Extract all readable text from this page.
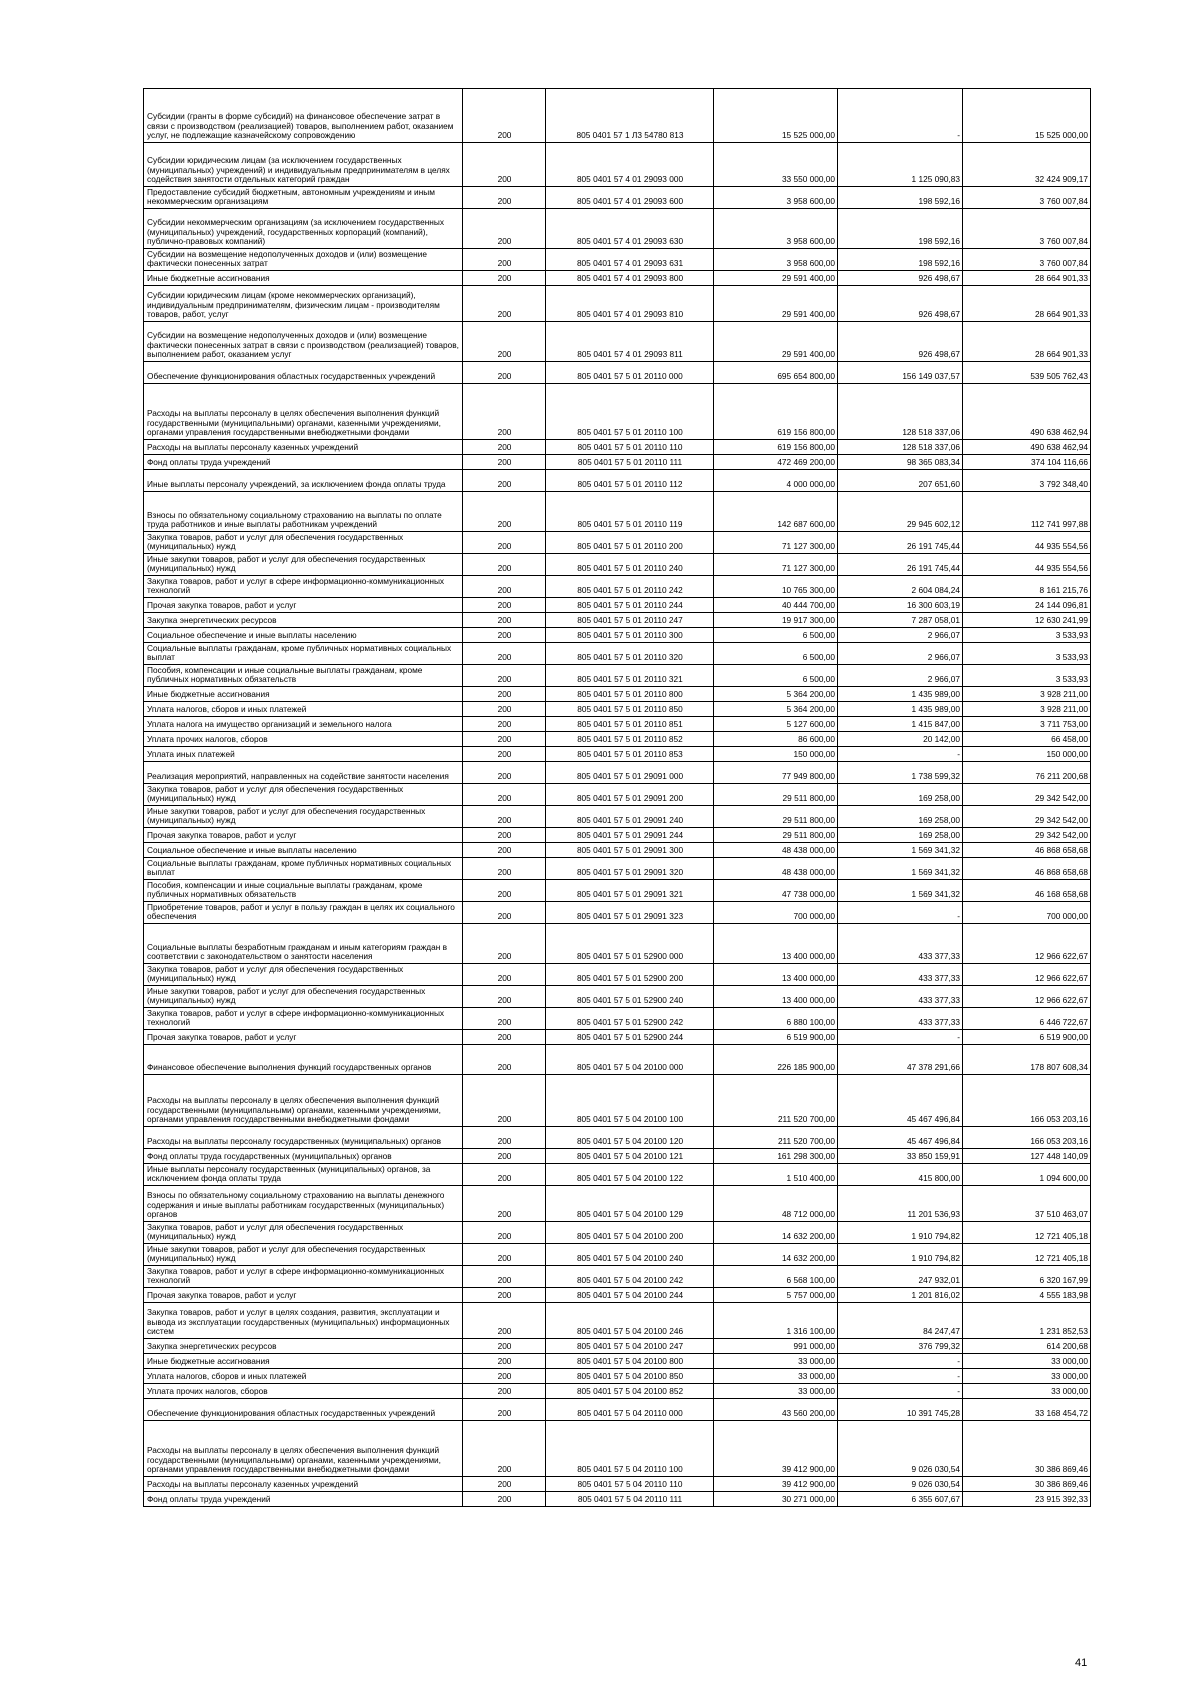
Субсидии (гранты в форме субсидий) на финансовое обеспечение затрат в связи с производством (реализацией) товаров, выполнением работ, оказанием услуг, не подлежащие казначейскому сопровождению	200	805 0401 57 1 Л3 54780 813	15 525 000,00	-	15 525 000,00
Субсидии юридическим лицам (за исключением государственных (муниципальных) учреждений) и индивидуальным предпринимателям в целях содействия занятости отдельных категорий граждан	200	805 0401 57 4 01 29093 000	33 550 000,00	1 125 090,83	32 424 909,17
Предоставление субсидий бюджетным, автономным учреждениям и иным некоммерческим организациям	200	805 0401 57 4 01 29093 600	3 958 600,00	198 592,16	3 760 007,84
Субсидии некоммерческим организациям (за исключением государственных (муниципальных) учреждений, государственных корпораций (компаний), публично-правовых компаний)	200	805 0401 57 4 01 29093 630	3 958 600,00	198 592,16	3 760 007,84
Субсидии на возмещение недополученных доходов и (или) возмещение фактически понесенных затрат	200	805 0401 57 4 01 29093 631	3 958 600,00	198 592,16	3 760 007,84
Иные бюджетные ассигнования	200	805 0401 57 4 01 29093 800	29 591 400,00	926 498,67	28 664 901,33
Субсидии юридическим лицам (кроме некоммерческих организаций), индивидуальным предпринимателям, физическим лицам - производителям товаров, работ, услуг	200	805 0401 57 4 01 29093 810	29 591 400,00	926 498,67	28 664 901,33
Субсидии на возмещение недополученных доходов и (или) возмещение фактически понесенных затрат в связи с производством (реализацией) товаров, выполнением работ, оказанием услуг	200	805 0401 57 4 01 29093 811	29 591 400,00	926 498,67	28 664 901,33
Обеспечение функционирования областных государственных учреждений	200	805 0401 57 5 01 20110 000	695 654 800,00	156 149 037,57	539 505 762,43
Расходы на выплаты персоналу в целях обеспечения выполнения функций государственными (муниципальными) органами, казенными учреждениями, органами управления государственными внебюджетными фондами	200	805 0401 57 5 01 20110 100	619 156 800,00	128 518 337,06	490 638 462,94
Расходы на выплаты персоналу казенных учреждений	200	805 0401 57 5 01 20110 110	619 156 800,00	128 518 337,06	490 638 462,94
Фонд оплаты труда учреждений	200	805 0401 57 5 01 20110 111	472 469 200,00	98 365 083,34	374 104 116,66
Иные выплаты персоналу учреждений, за исключением фонда оплаты труда	200	805 0401 57 5 01 20110 112	4 000 000,00	207 651,60	3 792 348,40
Взносы по обязательному социальному страхованию на выплаты по оплате труда работников и иные выплаты работникам учреждений	200	805 0401 57 5 01 20110 119	142 687 600,00	29 945 602,12	112 741 997,88
Закупка товаров, работ и услуг для обеспечения государственных (муниципальных) нужд	200	805 0401 57 5 01 20110 200	71 127 300,00	26 191 745,44	44 935 554,56
Иные закупки товаров, работ и услуг для обеспечения государственных (муниципальных) нужд	200	805 0401 57 5 01 20110 240	71 127 300,00	26 191 745,44	44 935 554,56
Закупка товаров, работ и услуг в сфере информационно-коммуникационных технологий	200	805 0401 57 5 01 20110 242	10 765 300,00	2 604 084,24	8 161 215,76
Прочая закупка товаров, работ и услуг	200	805 0401 57 5 01 20110 244	40 444 700,00	16 300 603,19	24 144 096,81
Закупка энергетических ресурсов	200	805 0401 57 5 01 20110 247	19 917 300,00	7 287 058,01	12 630 241,99
Социальное обеспечение и иные выплаты населению	200	805 0401 57 5 01 20110 300	6 500,00	2 966,07	3 533,93
Социальные выплаты гражданам, кроме публичных нормативных социальных выплат	200	805 0401 57 5 01 20110 320	6 500,00	2 966,07	3 533,93
Пособия, компенсации и иные социальные выплаты гражданам, кроме публичных нормативных обязательств	200	805 0401 57 5 01 20110 321	6 500,00	2 966,07	3 533,93
Иные бюджетные ассигнования	200	805 0401 57 5 01 20110 800	5 364 200,00	1 435 989,00	3 928 211,00
Уплата налогов, сборов и иных платежей	200	805 0401 57 5 01 20110 850	5 364 200,00	1 435 989,00	3 928 211,00
Уплата налога на имущество организаций и земельного налога	200	805 0401 57 5 01 20110 851	5 127 600,00	1 415 847,00	3 711 753,00
Уплата прочих налогов, сборов	200	805 0401 57 5 01 20110 852	86 600,00	20 142,00	66 458,00
Уплата иных платежей	200	805 0401 57 5 01 20110 853	150 000,00	-	150 000,00
Реализация мероприятий, направленных на содействие занятости населения	200	805 0401 57 5 01 29091 000	77 949 800,00	1 738 599,32	76 211 200,68
Закупка товаров, работ и услуг для обеспечения государственных (муниципальных) нужд	200	805 0401 57 5 01 29091 200	29 511 800,00	169 258,00	29 342 542,00
Иные закупки товаров, работ и услуг для обеспечения государственных (муниципальных) нужд	200	805 0401 57 5 01 29091 240	29 511 800,00	169 258,00	29 342 542,00
Прочая закупка товаров, работ и услуг	200	805 0401 57 5 01 29091 244	29 511 800,00	169 258,00	29 342 542,00
Социальное обеспечение и иные выплаты населению	200	805 0401 57 5 01 29091 300	48 438 000,00	1 569 341,32	46 868 658,68
Социальные выплаты гражданам, кроме публичных нормативных социальных выплат	200	805 0401 57 5 01 29091 320	48 438 000,00	1 569 341,32	46 868 658,68
Пособия, компенсации и иные социальные выплаты гражданам, кроме публичных нормативных обязательств	200	805 0401 57 5 01 29091 321	47 738 000,00	1 569 341,32	46 168 658,68
Приобретение товаров, работ и услуг в пользу граждан в целях их социального обеспечения	200	805 0401 57 5 01 29091 323	700 000,00	-	700 000,00
Социальные выплаты безработным гражданам и иным категориям граждан в соответствии с законодательством о занятости населения	200	805 0401 57 5 01 52900 000	13 400 000,00	433 377,33	12 966 622,67
Закупка товаров, работ и услуг для обеспечения государственных (муниципальных) нужд	200	805 0401 57 5 01 52900 200	13 400 000,00	433 377,33	12 966 622,67
Иные закупки товаров, работ и услуг для обеспечения государственных (муниципальных) нужд	200	805 0401 57 5 01 52900 240	13 400 000,00	433 377,33	12 966 622,67
Закупка товаров, работ и услуг в сфере информационно-коммуникационных технологий	200	805 0401 57 5 01 52900 242	6 880 100,00	433 377,33	6 446 722,67
Прочая закупка товаров, работ и услуг	200	805 0401 57 5 01 52900 244	6 519 900,00	-	6 519 900,00
Финансовое обеспечение выполнения функций государственных органов	200	805 0401 57 5 04 20100 000	226 185 900,00	47 378 291,66	178 807 608,34
Расходы на выплаты персоналу в целях обеспечения выполнения функций государственными (муниципальными) органами, казенными учреждениями, органами управления государственными внебюджетными фондами	200	805 0401 57 5 04 20100 100	211 520 700,00	45 467 496,84	166 053 203,16
Расходы на выплаты персоналу государственных (муниципальных) органов	200	805 0401 57 5 04 20100 120	211 520 700,00	45 467 496,84	166 053 203,16
Фонд оплаты труда государственных (муниципальных) органов	200	805 0401 57 5 04 20100 121	161 298 300,00	33 850 159,91	127 448 140,09
Иные выплаты персоналу государственных (муниципальных) органов, за исключением фонда оплаты труда	200	805 0401 57 5 04 20100 122	1 510 400,00	415 800,00	1 094 600,00
Взносы по обязательному социальному страхованию на выплаты денежного содержания и иные выплаты работникам государственных (муниципальных) органов	200	805 0401 57 5 04 20100 129	48 712 000,00	11 201 536,93	37 510 463,07
Закупка товаров, работ и услуг для обеспечения государственных (муниципальных) нужд	200	805 0401 57 5 04 20100 200	14 632 200,00	1 910 794,82	12 721 405,18
Иные закупки товаров, работ и услуг для обеспечения государственных (муниципальных) нужд	200	805 0401 57 5 04 20100 240	14 632 200,00	1 910 794,82	12 721 405,18
Закупка товаров, работ и услуг в сфере информационно-коммуникационных технологий	200	805 0401 57 5 04 20100 242	6 568 100,00	247 932,01	6 320 167,99
Прочая закупка товаров, работ и услуг	200	805 0401 57 5 04 20100 244	5 757 000,00	1 201 816,02	4 555 183,98
Закупка товаров, работ и услуг в целях создания, развития, эксплуатации и вывода из эксплуатации государственных (муниципальных) информационных систем	200	805 0401 57 5 04 20100 246	1 316 100,00	84 247,47	1 231 852,53
Закупка энергетических ресурсов	200	805 0401 57 5 04 20100 247	991 000,00	376 799,32	614 200,68
Иные бюджетные ассигнования	200	805 0401 57 5 04 20100 800	33 000,00	-	33 000,00
Уплата налогов, сборов и иных платежей	200	805 0401 57 5 04 20100 850	33 000,00	-	33 000,00
Уплата прочих налогов, сборов	200	805 0401 57 5 04 20100 852	33 000,00	-	33 000,00
Обеспечение функционирования областных государственных учреждений	200	805 0401 57 5 04 20110 000	43 560 200,00	10 391 745,28	33 168 454,72
Расходы на выплаты персоналу в целях обеспечения выполнения функций государственными (муниципальными) органами, казенными учреждениями, органами управления государственными внебюджетными фондами	200	805 0401 57 5 04 20110 100	39 412 900,00	9 026 030,54	30 386 869,46
Расходы на выплаты персоналу казенных учреждений	200	805 0401 57 5 04 20110 110	39 412 900,00	9 026 030,54	30 386 869,46
Фонд оплаты труда учреждений	200	805 0401 57 5 04 20110 111	30 271 000,00	6 355 607,67	23 915 392,33
41
